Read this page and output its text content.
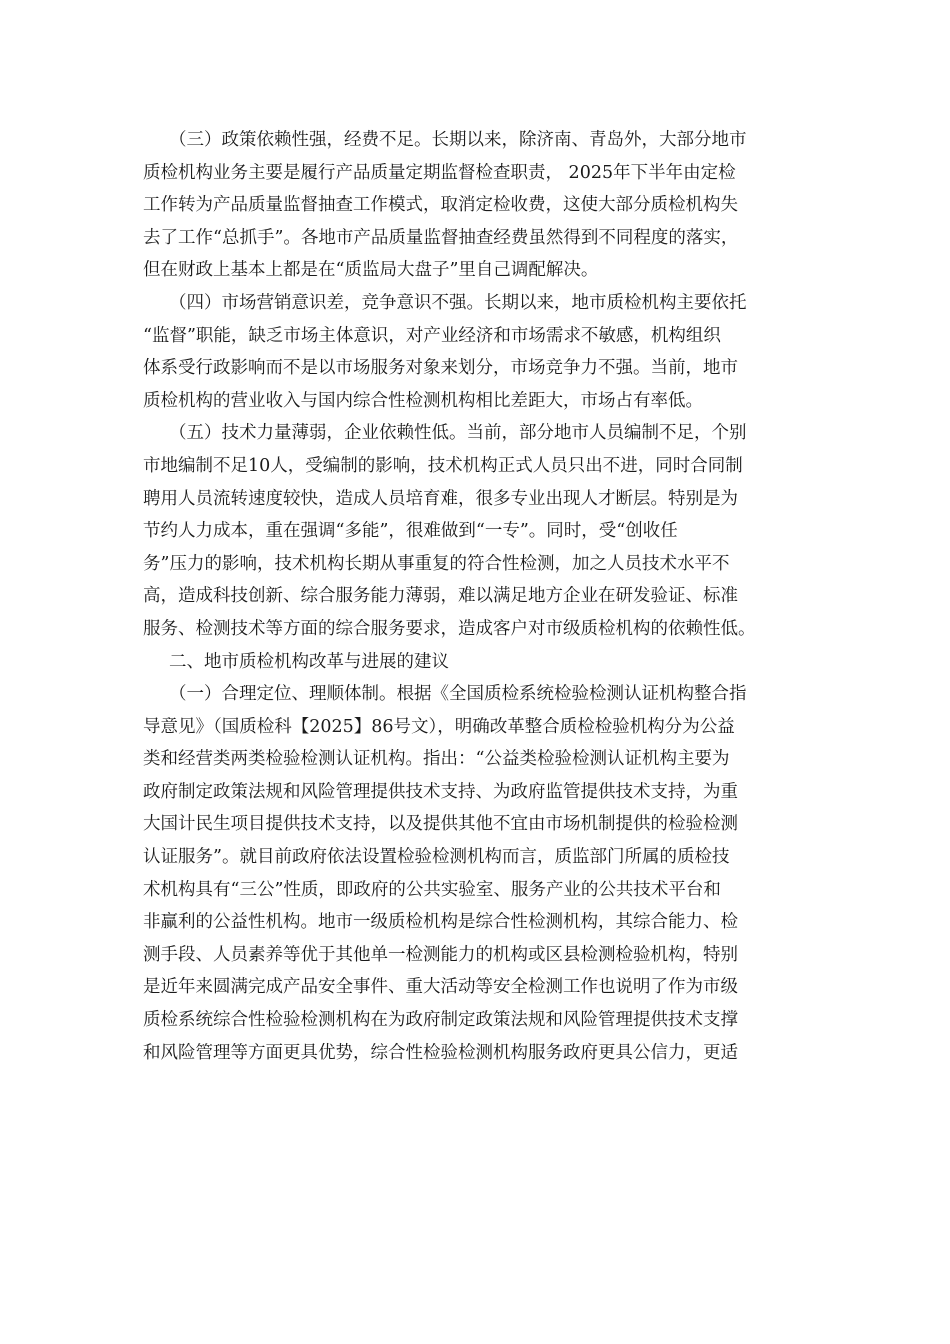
（三）政策依赖性强，经费不足。长期以来，除济南、青岛外，大部分地市
质检机构业务主要是履行产品质量定期监督检查职责， 2025年下半年由定检
工作转为产品质量监督抽查工作模式，取消定检收费，这使大部分质检机构失
去了工作“总抓手”。各地市产品质量监督抽查经费虽然得到不同程度的落实，
但在财政上基本上都是在“质监局大盘子”里自己调配解决。
（四）市场营销意识差，竞争意识不强。长期以来，地市质检机构主要依托
“监督”职能，缺乏市场主体意识，对产业经济和市场需求不敏感，机构组织
体系受行政影响而不是以市场服务对象来划分，市场竞争力不强。当前，地市
质检机构的营业收入与国内综合性检测机构相比差距大，市场占有率低。
（五）技术力量薄弱，企业依赖性低。当前，部分地市人员编制不足，个别
市地编制不足10人，受编制的影响，技术机构正式人员只出不进，同时合同制
聘用人员流转速度较快，造成人员培育难，很多专业出现人才断层。特别是为
节约人力成本，重在强调“多能”，很难做到“一专”。同时，受“创收任
务”压力的影响，技术机构长期从事重复的符合性检测，加之人员技术水平不
高，造成科技创新、综合服务能力薄弱，难以满足地方企业在研发验证、标准
服务、检测技术等方面的综合服务要求，造成客户对市级质检机构的依赖性低。
二、地市质检机构改革与进展的建议
（一）合理定位、理顺体制。根据《全国质检系统检验检测认证机构整合指
导意见》（国质检科【2025】86号文），明确改革整合质检检验机构分为公益
类和经营类两类检验检测认证机构。指出：“公益类检验检测认证机构主要为
政府制定政策法规和风险管理提供技术支持、为政府监管提供技术支持，为重
大国计民生项目提供技术支持，以及提供其他不宜由市场机制提供的检验检测
认证服务”。就目前政府依法设置检验检测机构而言，质监部门所属的质检技
术机构具有“三公”性质，即政府的公共实验室、服务产业的公共技术平台和
非赢利的公益性机构。地市一级质检机构是综合性检测机构，其综合能力、检
测手段、人员素养等优于其他单一检测能力的机构或区县检测检验机构，特别
是近年来圆满完成产品安全事件、重大活动等安全检测工作也说明了作为市级
质检系统综合性检验检测机构在为政府制定政策法规和风险管理提供技术支撑
和风险管理等方面更具优势，综合性检验检测机构服务政府更具公信力，更适
